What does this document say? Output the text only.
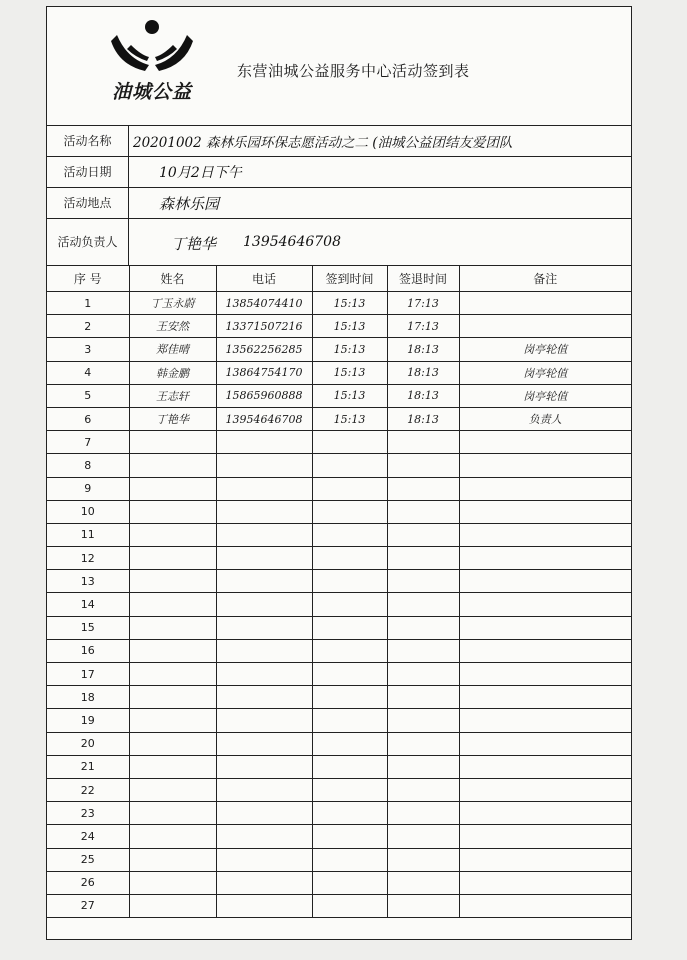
油城公益
东营油城公益服务中心活动签到表
活动名称	20201002 森林乐园环保志愿活动之二 (油城公益团结友爱团队
活动日期	10月2日下午
活动地点	森林乐园
活动负责人	丁艳华 13954646708
序 号	姓名	电话	签到时间	签退时间	备注
1	丁玉永蔚	13854074410	15:13	17:13	
2	王安然	13371507216	15:13	17:13	
3	郑佳晴	13562256285	15:13	18:13	岗亭轮值
4	韩金鹏	13864754170	15:13	18:13	岗亭轮值
5	王志轩	15865960888	15:13	18:13	岗亭轮值
6	丁艳华	13954646708	15:13	18:13	负责人
7					
8					
9					
10					
11					
12					
13					
14					
15					
16					
17					
18					
19					
20					
21					
22					
23					
24					
25					
26					
27					
